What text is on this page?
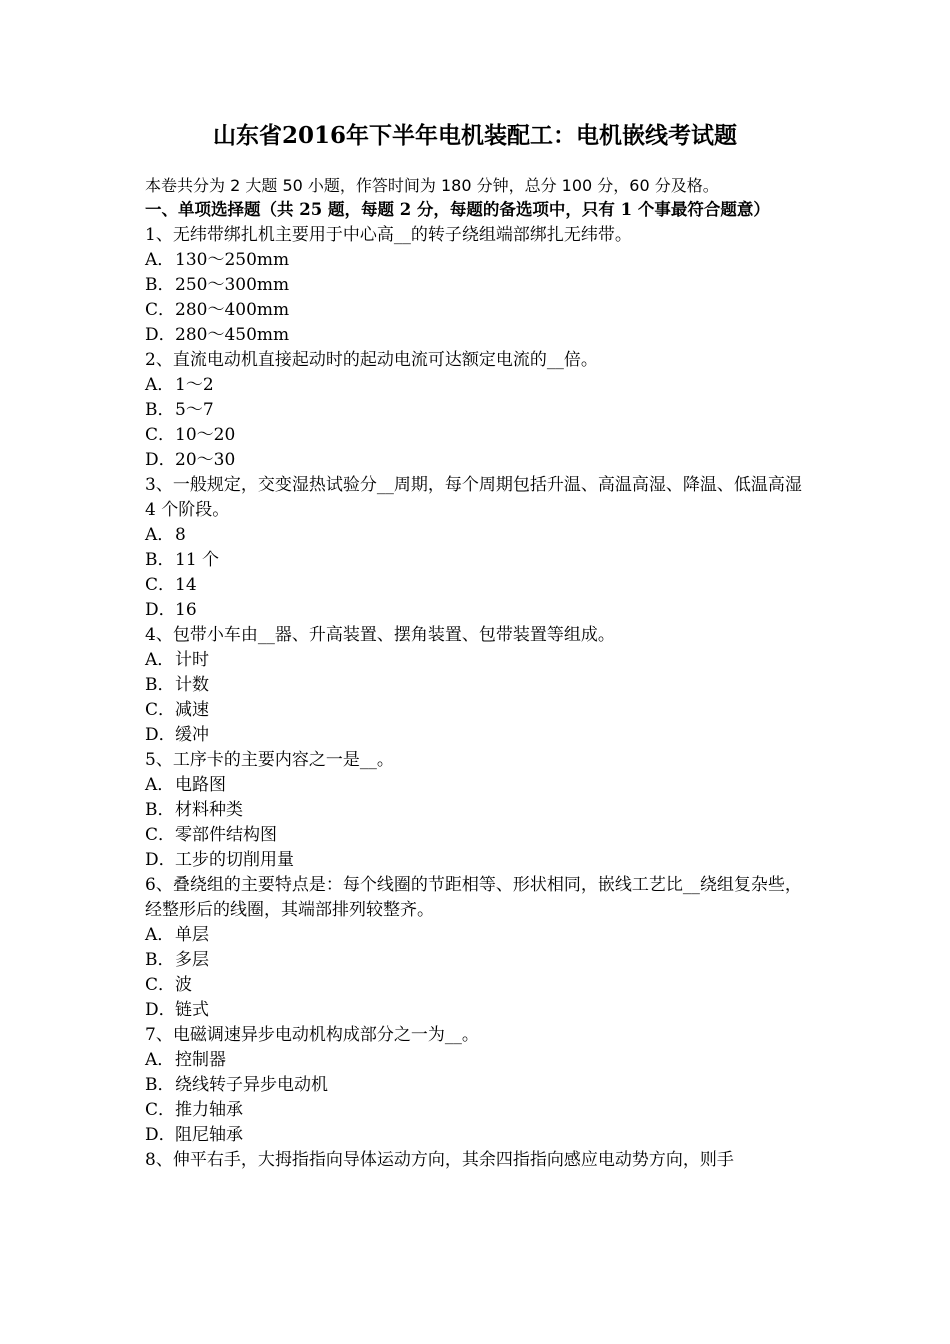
山东省2016年下半年电机装配工：电机嵌线考试题

本卷共分为 2 大题 50 小题，作答时间为 180 分钟，总分 100 分，60 分及格。

一、单项选择题（共 25 题，每题 2 分，每题的备选项中，只有 1 个事最符合题意）

1、无纬带绑扎机主要用于中心高__的转子绕组端部绑扎无纬带。

A．130～250mm

B．250～300mm

C．280～400mm

D．280～450mm

2、直流电动机直接起动时的起动电流可达额定电流的__倍。

A．1～2

B．5～7

C．10～20

D．20～30

3、一般规定，交变湿热试验分__周期，每个周期包括升温、高温高湿、降温、低温高湿 4 个阶段。

A．8

B．11 个

C．14

D．16

4、包带小车由__器、升高装置、摆角装置、包带装置等组成。

A．计时

B．计数

C．减速

D．缓冲

5、工序卡的主要内容之一是__。

A．电路图

B．材料种类

C．零部件结构图

D．工步的切削用量

6、叠绕组的主要特点是：每个线圈的节距相等、形状相同，嵌线工艺比__绕组复杂些，经整形后的线圈，其端部排列较整齐。

A．单层

B．多层

C．波

D．链式

7、电磁调速异步电动机构成部分之一为__。

A．控制器

B．绕线转子异步电动机

C．推力轴承

D．阻尼轴承

8、伸平右手，大拇指指向导体运动方向，其余四指指向感应电动势方向，则手
